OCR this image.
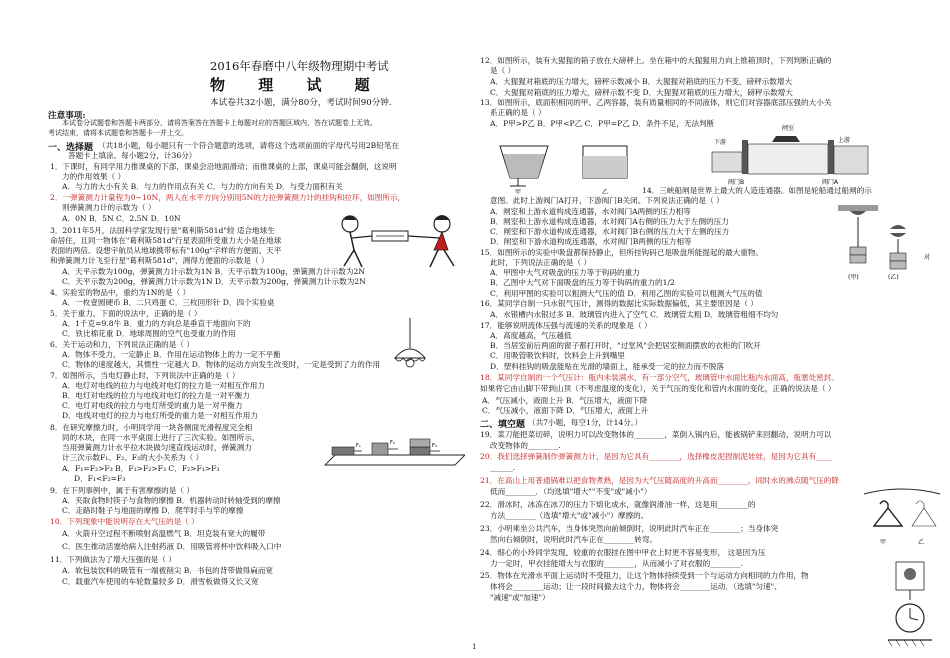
2016年春磨中八年级物理期中考试
物 理 试 题
本试卷共32小题，满分80分，考试时间90分钟.
注意事项:
本试卷分试题卷和答题卡两部分，请将答案答在答题卡上每题对应的答题区域内，答在试题卷上无效。
考试结束，请将本试题卷和答题卡一并上交。
一、选择题 （共18小题，每小题只有一个符合题意的选项，请将这个选项前面的字母代号用2B铅笔在
答题卡上填涂。每小题2分，计36分）
1．下课时，有同学用力推课桌的下部，课桌会沿地面滑动；而推课桌的上部，课桌可能会翻倒，这说明
力的作用效果（ ）
A．与力的大小有关 B．与力的作用点有关 C．与力的方向有关 D．与受力面积有关
2．一弹簧测力计量程为0~10N，两人在水平方向分别用5N的力拉弹簧测力计的挂钩和拉环，如图所示，
则弹簧测力计的示数为（ ）
A．0N B．5N C．2.5N D．10N
3．2011年5月，法国科学家发现行星"葛利斯581d"较 适合地球生
命居住，且同一物体在"葛利斯581d"行星表面所受重力大小是在地球
表面的两倍。设想宇航员从地球携带标有"100g"字样的方便面、天平
和弹簧测力计飞至行星"葛利斯581d"，测得方便面的示数是（ ）
A．天平示数为100g，弹簧测力计示数为1N B．天平示数为100g，弹簧测力计示数为2N
C．天平示数为200g，弹簧测力计示数为1N D．天平示数为200g，弹簧测力计示数为2N
4．实验室的物品中，重约为1N的是（ ）
A．一枚壹圆硬币 B．二只鸡蛋 C．三枚回形针 D．四个实验桌
5．关于重力，下面的说法中，正确的是（ ）
A．1千克=9.8牛 B．重力的方向总是垂直于地面向下的
C．铁比棉花重 D．地球周围的空气也受重力的作用
6．关于运动和力，下列说法正确的是（ ）
A．物体不受力，一定静止 B．作用在运动物体上的力一定不平衡
C．物体的速度越大，其惯性一定越大 D．物体的运动方向发生改变时，一定是受到了力的作用
7．如图所示，当电灯静止时，下列说法中正确的是（ ）
A．电灯对电线的拉力与电线对电灯的拉力是一对相互作用力
B．电灯对电线的拉力与电线对电灯的拉力是一对平衡力
C．电灯对电线的拉力与电灯所受的重力是一对平衡力
D．电线对电灯的拉力与电灯所受的重力是一对相互作用力
8．在研究摩擦力时，小明同学用一块各侧面光滑程度完全相
同的木块，在同一水平桌面上进行了三次实验。如图所示，
当用弹簧测力计水平拉木块做匀速直线运动时，弹簧测力
计三次示数F₁、F₂、F₃的大小关系为（ ）
A．F₁=F₂>F₃ B．F₁>F₂>F₃ C．F₂>F₁>F₃
D．F₁<F₂=F₃
9．在下列事例中，属于有害摩擦的是（ ）
A．夹取食物时筷子与食物的摩擦 B．机器转动时转轴受到的摩擦
C．走路时鞋子与地面的摩擦 D．爬竿时手与竿的摩擦
10．下列现象中能说明存在大气压的是（ ）
A．火箭升空过程不断喷射高温燃气 B．坦克装有宽大的履带
C．医生推动活塞给病人注射药液 D．用吸管将杯中饮料吸入口中
11．下列做法为了增大压强的是（ ）
A．软包装饮料的吸管有一端被削尖 B．书包的背带做得扁而宽
C．载重汽车使用的车轮数量较多 D．滑雪板做得又长又宽
F₁	F₂	F₃
12．如图所示，装有大猩猩的箱子放在大磅秤上。坐在箱中的大猩猩用力向上推箱顶时，下列判断正确的
是（ ）
A．大猩猩对箱底的压力增大，磅秤示数减小 B．大猩猩对箱底的压力不变，磅秤示数增大
C．大猩猩对箱底的压力增大，磅秤示数不变 D．大猩猩对箱底的压力增大，磅秤示数增大
13．如图所示，底面积相同的甲、乙两容器，装有质量相同的不同液体，则它们对容器底部压强的大小关
系正确的是（ ）
A．P甲>P乙 B．P甲<P乙 C．P甲=P乙 D．条件不足，无法判断
14．三峡船闸是世界上最大的人造连通器。如图是轮船通过船闸的示
意图。此时上游阀门A打开，下游阀门B关闭。下列说法正确的是（ ）
A．闸室和上游水道构成连通器，水对阀门A两侧的压力相等
B．闸室和上游水道构成连通器，水对阀门A右侧的压力大于左侧的压力
C．闸室和下游水道构成连通器，水对阀门B右侧的压力大于左侧的压力
D．闸室和下游水道构成连通器，水对阀门B两侧的压力相等
15．如图所示的实验中吸盘都保持静止，但所挂钩码已是吸盘所能提起的最大重物。
此时，下列说法正确的是（ ）
A．甲图中大气对吸盘的压力等于钩码的重力
B．乙图中大气对下面吸盘的压力等于钩码的重力的1/2
C．利用甲图的实验可以粗测大气压的值 D．利用乙图的实验可以粗测大气压的值
16．某同学自制一只水银气压计，测得的数据比实际数据偏低，其主要原因是（ ）
A．水银槽内水银过多 B．玻璃管内进入了空气 C．玻璃管太粗 D．玻璃管粗细不均匀
17．能够说明流体压强与流速的关系的现象是（ ）
A．高度越高，气压越低
B．当居室前后两面的窗子都打开时，"过堂风"会把居室侧面摆放的衣柜的门吹开
C．用吸管吸饮料时，饮料会上升到嘴里
D．塑料挂钩的吸盘能贴在光滑的墙面上，能承受一定的拉力而不脱落
18．某同学自制的一个气压计：瓶内未装满水，有一部分空气，玻璃管中水面比瓶内水面高，瓶塞处密封。
如果将它由山脚下带到山顶（不考虑温度的变化），关于气压的变化和管内水面的变化，正确的说法是（ ）
A．气压减小，液面上升 B．气压增大，液面下降
C．气压减小，液面下降 D．气压增大，液面上升
二、填空题 （共7小题，每空1分，计14分。）
19．菜刀能把菜切碎，说明力可以改变物体的________，菜倒入锅内后，能被锅铲来回翻动，说明力可以
改变物体的________.
20．我们选择弹簧制作弹簧测力计，是因为它具有________，选择橡皮泥捏制泥娃娃，是因为它具有____
______.
21．在高山上用普通锅难以把食物煮熟，是因为大气压随高度的升高而________，同时水的沸点随气压的降
低而________．（均选填"增大""不变"或"减小"）
22．滑冰时，冰冻在冰刀的压力下熔化成水，就像润滑油一样，这是用________的
方法________（选填"增大"或"减小"）摩擦的。
23．小明乘坐公共汽车，当身体突然向前倾倒时，说明此时汽车正在________；当身体突
然向右倾倒时，说明此时汽车正在________转弯。
24．细心的小玲同学发现，较重的衣服挂在图中甲衣上时更不容易变形， 这是因为压
力一定时，甲衣挂能增大与衣服的________，从而减小了对衣服的________.
25．物体在光滑水平面上运动时不受阻力，让这个物体持续受到一个与运动方向相同的力作用，物
体将会________运动；让一段时间撤去这个力，物体将会________运动．（选填"匀速"、
"减速"或"加速"）
甲	乙
闸室
上游
下游
阀门B	阀门A
(甲)	(乙)
对
甲	乙
1
